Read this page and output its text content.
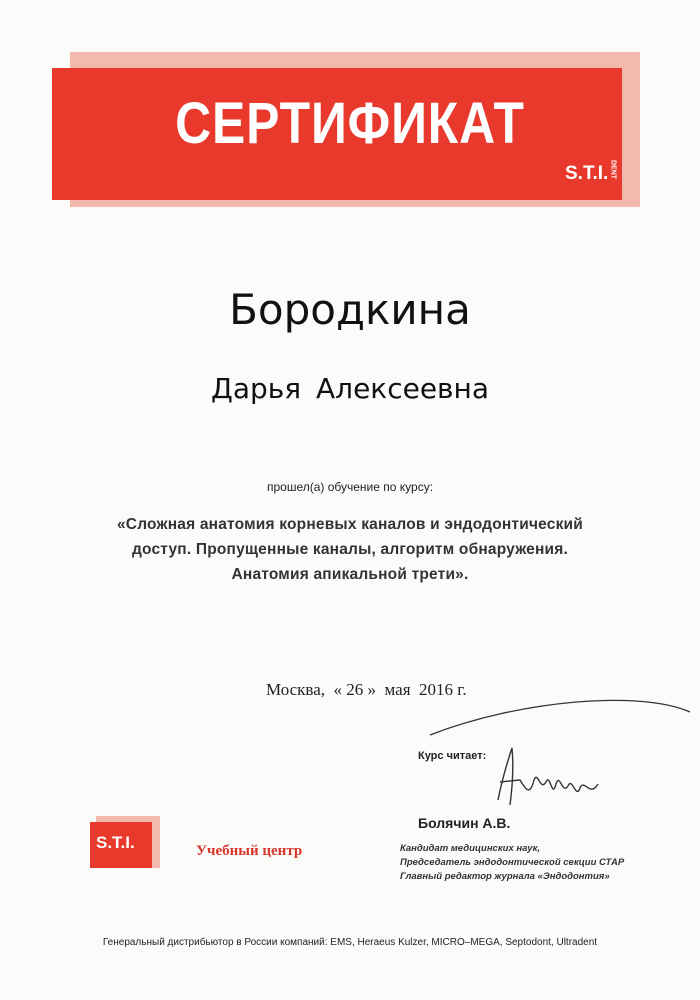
СЕРТИФИКАТ
S.T.I.DENT
Бородкина
Дарья Алексеевна
прошел(а) обучение по курсу:
«Сложная анатомия корневых каналов и эндодонтический
доступ. Пропущенные каналы, алгоритм обнаружения.
Анатомия апикальной трети».
Москва,  « 26 »  мая  2016 г.
Курс читает:
Болячин А.В.
Кандидат медицинских наук,
Председатель эндодонтической секции СТАР
Главный редактор журнала «Эндодонтия»
S.T.I.	Учебный центр
Генеральный дистрибьютор в России компаний: EMS, Heraeus Kulzer, MICRO–MEGA, Septodont, Ultradent
